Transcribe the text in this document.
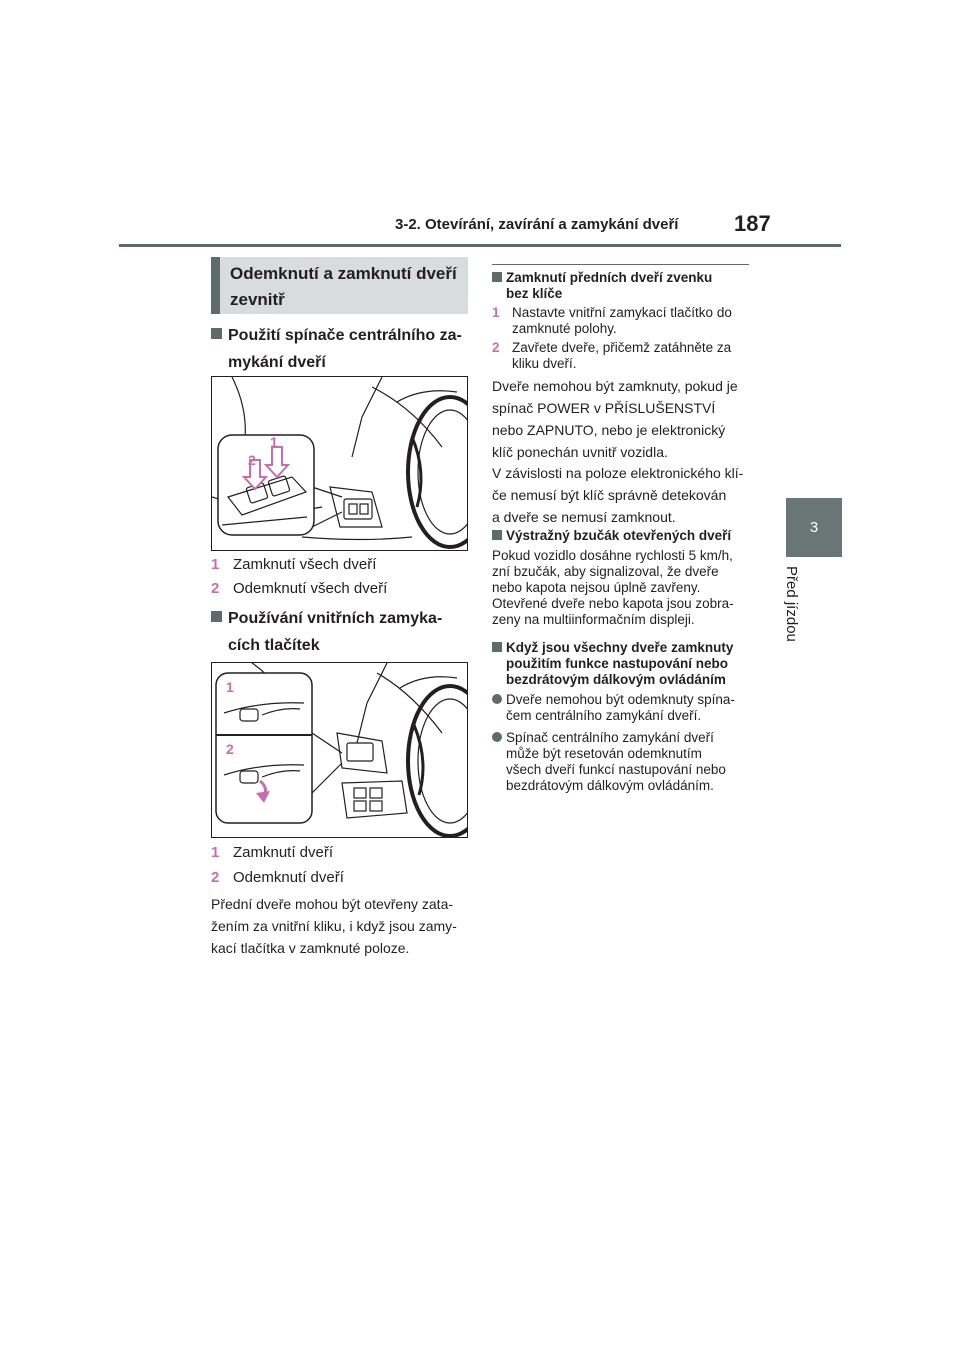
3-2. Otevírání, zavírání a zamykání dveří	187
3
Před jízdou
Odemknutí a zamknutí dveří
zevnitř
Použití spínače centrálního za-
mykání dveří
1
2
1 Zamknutí všech dveří
2 Odemknutí všech dveří
Používání vnitřních zamyka-
cích tlačítek
1
2
1 Zamknutí dveří
2 Odemknutí dveří
Přední dveře mohou být otevřeny zata-
žením za vnitřní kliku, i když jsou zamy-
kací tlačítka v zamknuté poloze.
Zamknutí předních dveří zvenku
bez klíče
1 Nastavte vnitřní zamykací tlačítko do
zamknuté polohy.
2 Zavřete dveře, přičemž zatáhněte za
kliku dveří.
Dveře nemohou být zamknuty, pokud je
spínač POWER v PŘÍSLUŠENSTVÍ
nebo ZAPNUTO, nebo je elektronický
klíč ponechán uvnitř vozidla.
V závislosti na poloze elektronického klí-
če nemusí být klíč správně detekován
a dveře se nemusí zamknout.
Výstražný bzučák otevřených dveří
Pokud vozidlo dosáhne rychlosti 5 km/h,
zní bzučák, aby signalizoval, že dveře
nebo kapota nejsou úplně zavřeny.
Otevřené dveře nebo kapota jsou zobra-
zeny na multiinformačním displeji.
Když jsou všechny dveře zamknuty
použitím funkce nastupování nebo
bezdrátovým dálkovým ovládáním
Dveře nemohou být odemknuty spína-
čem centrálního zamykání dveří.
Spínač centrálního zamykání dveří
může být resetován odemknutím
všech dveří funkcí nastupování nebo
bezdrátovým dálkovým ovládáním.
